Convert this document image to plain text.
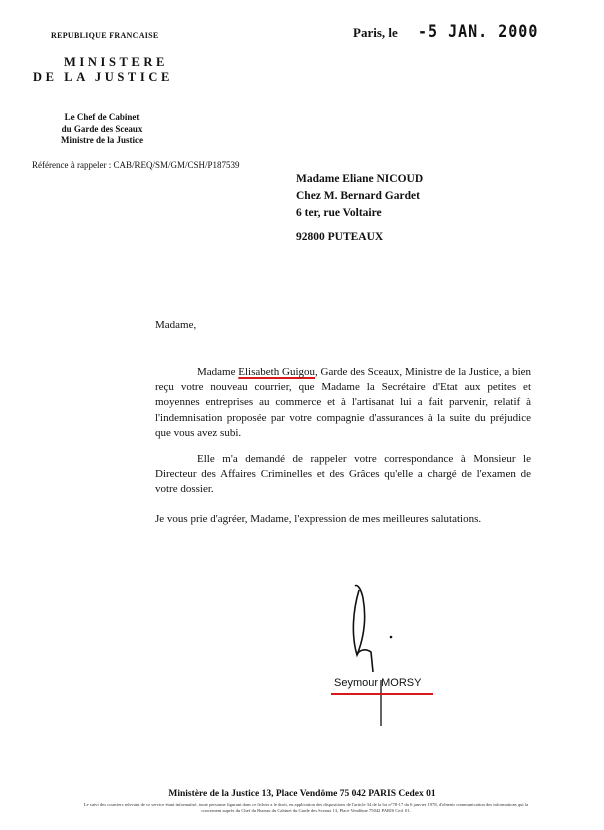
REPUBLIQUE FRANCAISE
MINISTERE
DE LA JUSTICE
Le Chef de Cabinet
du Garde des Sceaux
Ministre de la Justice
Référence à rappeler : CAB/REQ/SM/GM/CSH/P187539
Paris, le -5 JAN. 2000
Madame Eliane NICOUD
Chez M. Bernard Gardet
6 ter, rue Voltaire
92800 PUTEAUX
Madame,
Madame Elisabeth Guigou, Garde des Sceaux, Ministre de la Justice, a bien reçu votre nouveau courrier, que Madame la Secrétaire d'Etat aux petites et moyennes entreprises au commerce et à l'artisanat lui a fait parvenir, relatif à l'indemnisation proposée par votre compagnie d'assurances à la suite du préjudice que vous avez subi.
Elle m'a demandé de rappeler votre correspondance à Monsieur le Directeur des Affaires Criminelles et des Grâces qu'elle a chargé de l'examen de votre dossier.
Je vous prie d'agréer, Madame, l'expression de mes meilleures salutations.
Seymour MORSY
Ministère de la Justice 13, Place Vendôme 75 042 PARIS Cedex 01
Le suivi des courriers relevant de ce service étant informatisé, toute personne figurant dans ce fichier a le droit, en application des dispositions de l'article 34 de la loi n°78-17 du 6 janvier 1978, d'obtenir communication des informations qui la concernent auprès du Chef du Bureau du Cabinet du Garde des Sceaux 13, Place Vendôme 75042 PARIS Ced. 01.
